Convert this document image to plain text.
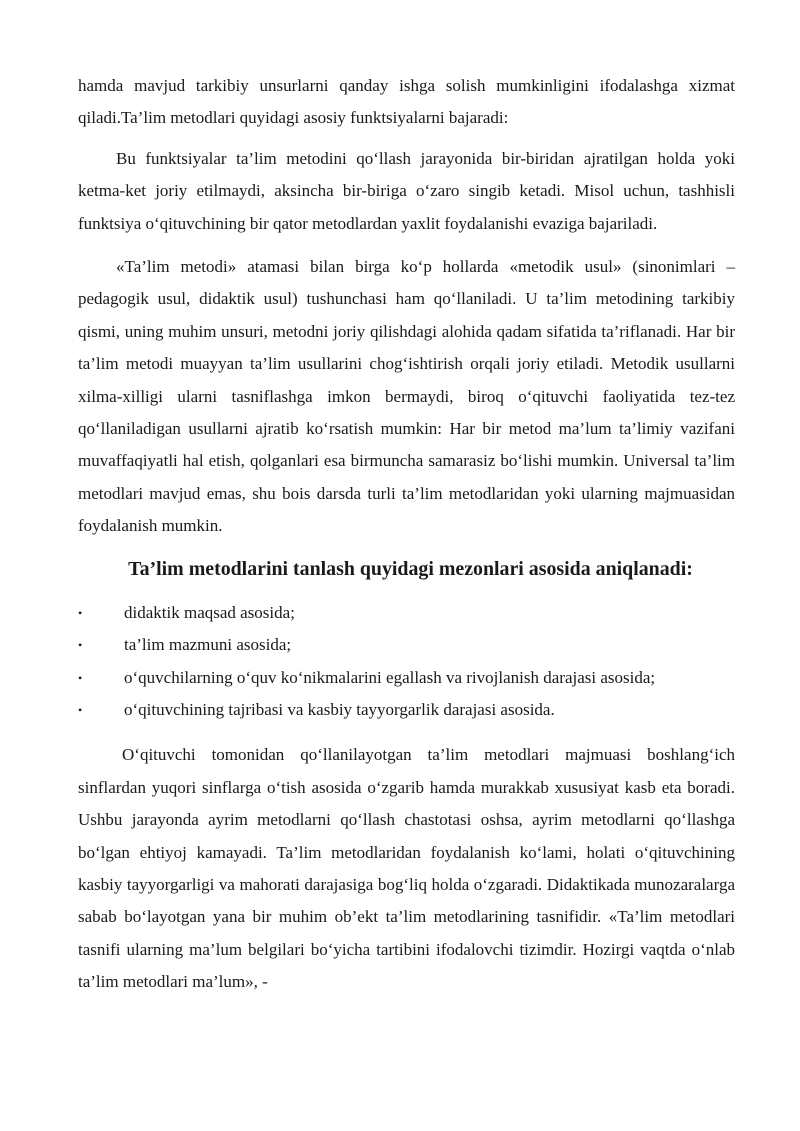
hamda mavjud tarkibiy unsurlarni qanday ishga solish mumkinligini ifodalashga xizmat qiladi.Ta’lim metodlari quyidagi asosiy funktsiyalarni bajaradi:

Bu funktsiyalar ta’lim metodini qo‘llash jarayonida bir-biridan ajratilgan holda yoki ketma-ket joriy etilmaydi, aksincha bir-biriga o‘zaro singib ketadi. Misol uchun, tashhisli funktsiya o‘qituvchining bir qator metodlardan yaxlit foydalanishi evaziga bajariladi.

«Ta’lim metodi» atamasi bilan birga ko‘p hollarda «metodik usul» (sinonimlari – pedagogik usul, didaktik usul) tushunchasi ham qo‘llaniladi. U ta’lim metodining tarkibiy qismi, uning muhim unsuri, metodni joriy qilishdagi alohida qadam sifatida ta’riflanadi. Har bir ta’lim metodi muayyan ta’lim usullarini chog‘ishtirish orqali joriy etiladi. Metodik usullarni xilma-xilligi ularni tasniflashga imkon bermaydi, biroq o‘qituvchi faoliyatida tez-tez qo‘llaniladigan usullarni ajratib ko‘rsatish mumkin: Har bir metod ma’lum ta’limiy vazifani muvaffaqiyatli hal etish, qolganlari esa birmuncha samarasiz bo‘lishi mumkin. Universal ta’lim metodlari mavjud emas, shu bois darsda turli ta’lim metodlaridan yoki ularning majmuasidan foydalanish mumkin.

Ta’lim metodlarini tanlash quyidagi mezonlari asosida aniqlanadi:
• didaktik maqsad asosida;
• ta’lim mazmuni asosida;
• o‘quvchilarning o‘quv ko‘nikmalarini egallash va rivojlanish darajasi asosida;
• o‘qituvchining tajribasi va kasbiy tayyorgarlik darajasi asosida.

O‘qituvchi tomonidan qo‘llanilayotgan ta’lim metodlari majmuasi boshlang‘ich sinflardan yuqori sinflarga o‘tish asosida o‘zgarib hamda murakkab xususiyat kasb eta boradi. Ushbu jarayonda ayrim metodlarni qo‘llash chastotasi oshsa, ayrim metodlarni qo‘llashga bo‘lgan ehtiyoj kamayadi. Ta’lim metodlaridan foydalanish ko‘lami, holati o‘qituvchining kasbiy tayyorgarligi va mahorati darajasiga bog‘liq holda o‘zgaradi. Didaktikada munozaralarga sabab bo‘layotgan yana bir muhim ob’ekt ta’lim metodlarining tasnifidir. «Ta’lim metodlari tasnifi ularning ma’lum belgilari bo‘yicha tartibini ifodalovchi tizimdir. Hozirgi vaqtda o‘nlab ta’lim metodlari ma’lum», -
